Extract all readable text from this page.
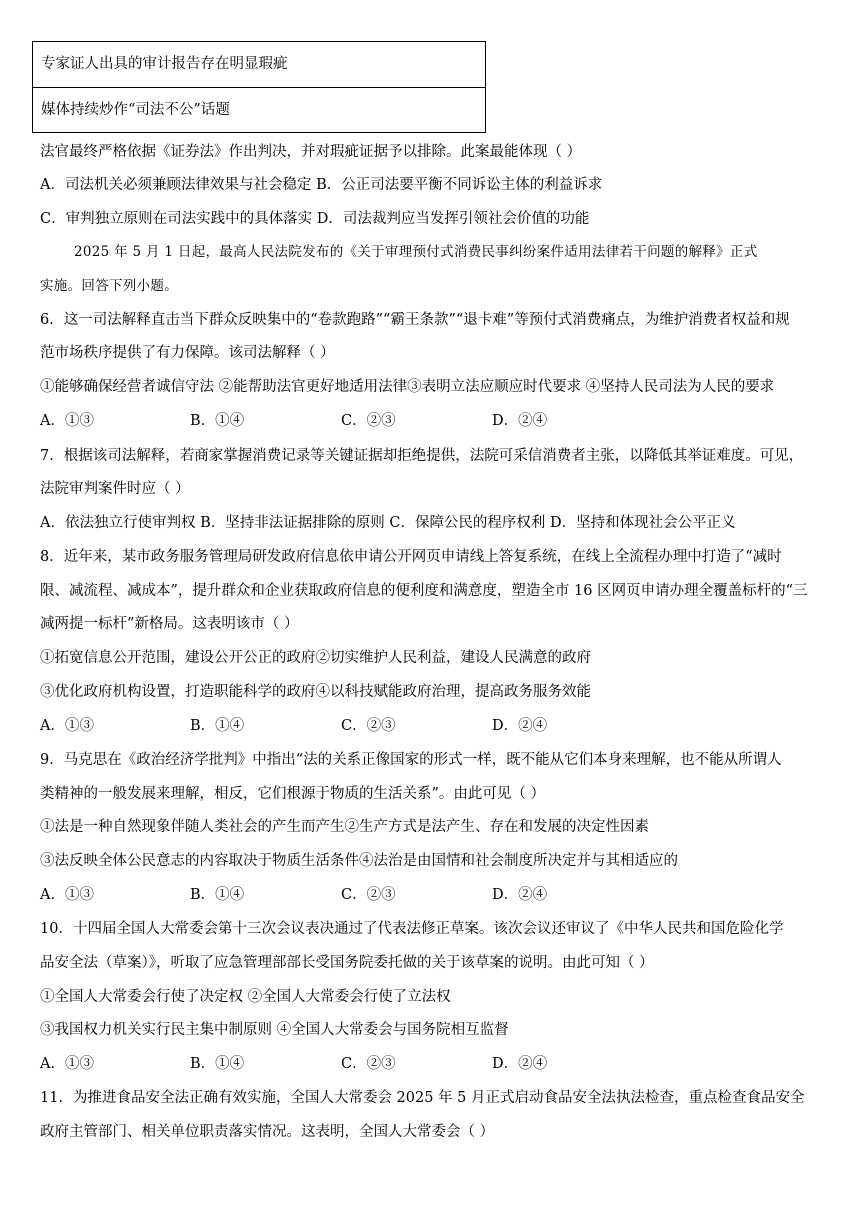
专家证人出具的审计报告存在明显瑕疵
媒体持续炒作“司法不公”话题
法官最终严格依据《证券法》作出判决，并对瑕疵证据予以排除。此案最能体现（ ）
A．司法机关必须兼顾法律效果与社会稳定 B．公正司法要平衡不同诉讼主体的利益诉求
C．审判独立原则在司法实践中的具体落实 D．司法裁判应当发挥引领社会价值的功能
2025 年 5 月 1 日起，最高人民法院发布的《关于审理预付式消费民事纠纷案件适用法律若干问题的解释》正式
实施。回答下列小题。
6．这一司法解释直击当下群众反映集中的“卷款跑路”“霸王条款”“退卡难”等预付式消费痛点，为维护消费者权益和规
范市场秩序提供了有力保障。该司法解释（ ）
①能够确保经营者诚信守法 ②能帮助法官更好地适用法律③表明立法应顺应时代要求 ④坚持人民司法为人民的要求
A．①③	B．①④	C．②③	D．②④
7．根据该司法解释，若商家掌握消费记录等关键证据却拒绝提供，法院可采信消费者主张，以降低其举证难度。可见，
法院审判案件时应（ ）
A．依法独立行使审判权 B．坚持非法证据排除的原则 C．保障公民的程序权利 D．坚持和体现社会公平正义
8．近年来，某市政务服务管理局研发政府信息依申请公开网页申请线上答复系统，在线上全流程办理中打造了“减时
限、减流程、减成本”，提升群众和企业获取政府信息的便利度和满意度，塑造全市 16 区网页申请办理全覆盖标杆的“三
减两提一标杆”新格局。这表明该市（ ）
①拓宽信息公开范围，建设公开公正的政府②切实维护人民利益，建设人民满意的政府
③优化政府机构设置，打造职能科学的政府④以科技赋能政府治理，提高政务服务效能
A．①③	B．①④	C．②③	D．②④
9．马克思在《政治经济学批判》中指出“法的关系正像国家的形式一样，既不能从它们本身来理解，也不能从所谓人
类精神的一般发展来理解，相反，它们根源于物质的生活关系”。由此可见（ ）
①法是一种自然现象伴随人类社会的产生而产生②生产方式是法产生、存在和发展的决定性因素
③法反映全体公民意志的内容取决于物质生活条件④法治是由国情和社会制度所决定并与其相适应的
A．①③	B．①④	C．②③	D．②④
10．十四届全国人大常委会第十三次会议表决通过了代表法修正草案。该次会议还审议了《中华人民共和国危险化学
品安全法（草案）》，听取了应急管理部部长受国务院委托做的关于该草案的说明。由此可知（ ）
①全国人大常委会行使了决定权 ②全国人大常委会行使了立法权
③我国权力机关实行民主集中制原则 ④全国人大常委会与国务院相互监督
A．①③	B．①④	C．②③	D．②④
11．为推进食品安全法正确有效实施，全国人大常委会 2025 年 5 月正式启动食品安全法执法检查，重点检查食品安全
政府主管部门、相关单位职责落实情况。这表明，全国人大常委会（ ）
